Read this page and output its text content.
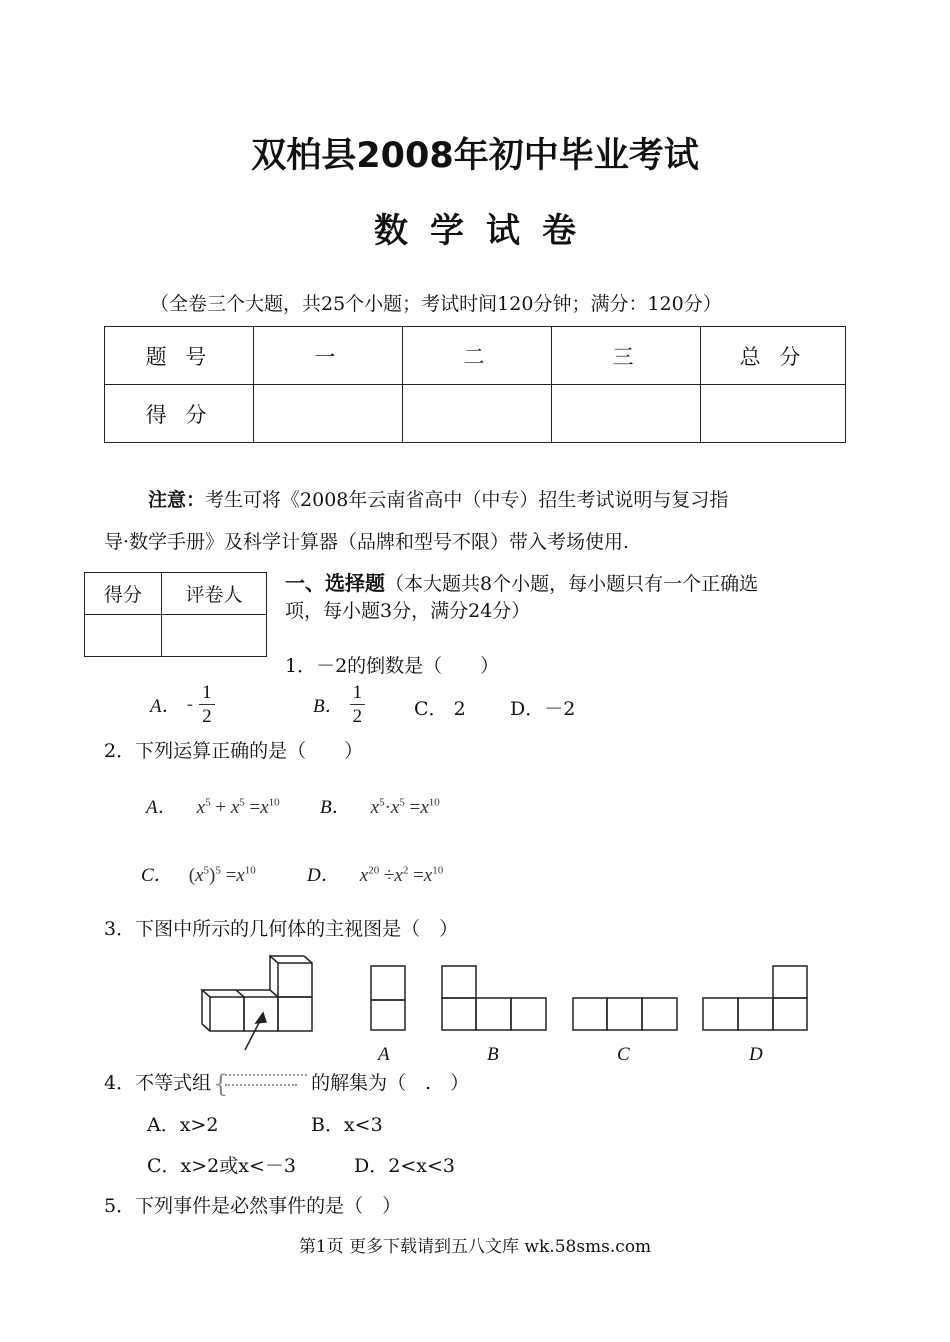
双柏县2008年初中毕业考试
数学试卷
（全卷三个大题，共25个小题；考试时间120分钟；满分：120分）
题 号	一	二	三	总 分
得 分				
注意：考生可将《2008年云南省高中（中专）招生考试说明与复习指
导·数学手册》及科学计算器（品牌和型号不限）带入考场使用.
得分	评卷人
	一、选择题（本大题共8个小题，每小题只有一个正确选
项，每小题3分，满分24分）
1．－2的倒数是（　　）
A． - $\frac{1}{2}$	B． $\frac{1}{2}$	C． 2 D．－2
2．下列运算正确的是（　　）
A． $x^5 + x^5 =x^{10}$ B． $x^5\cdot x^5 =x^{10}$
C． $(x^5)^5 =x^{10}$	D． $x^{20} \div x^2 =x^{10}$
3．下图中所示的几何体的主视图是（　）
A	B	C	D
4．不等式组 {	的解集为（　.　）
A．x>2	B．x<3
C．x>2或x<－3	D．2<x<3
5．下列事件是必然事件的是（　）
第1页 更多下载请到五八文库 wk.58sms.com
